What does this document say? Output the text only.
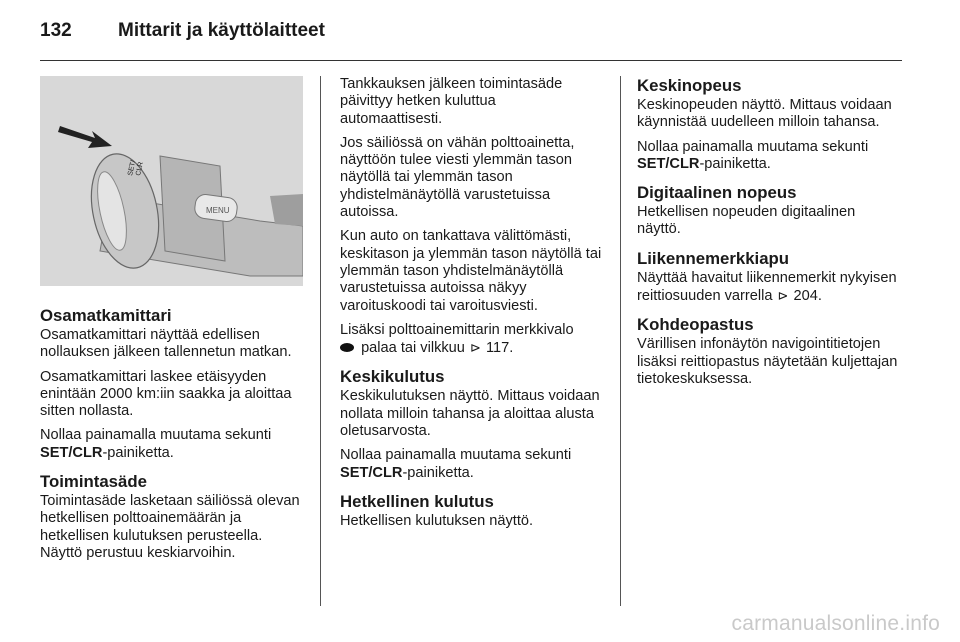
132 Mittarit ja käyttölaitteet
MENU
SET/
CLR
Osamatkamittari

Osamatkamittari näyttää edellisen nollauksen jälkeen tallennetun matkan.

Osamatkamittari laskee etäisyyden enintään 2000 km:iin saakka ja aloittaa sitten nollasta.

Nollaa painamalla muutama sekunti
SET/CLR-painiketta.

Toimintasäde

Toimintasäde lasketaan säiliössä olevan hetkellisen polttoainemäärän ja hetkellisen kulutuksen perusteella. Näyttö perustuu keskiarvoihin.

Tankkauksen jälkeen toimintasäde päivittyy hetken kuluttua automaattisesti.

Jos säiliössä on vähän polttoainetta, näyttöön tulee viesti ylemmän tason näytöllä tai ylemmän tason yhdistelmänäytöllä varustetuissa autoissa.

Kun auto on tankattava välittömästi, keskitason ja ylemmän tason näytöllä tai ylemmän tason yhdistelmänäytöllä varustetuissa autoissa näkyy varoituskoodi tai varoitusviesti.

Lisäksi polttoainemittarin merkkivalo
palaa tai vilkkuu ⊳ 117.

Keskikulutus

Keskikulutuksen näyttö. Mittaus voidaan nollata milloin tahansa ja aloittaa alusta oletusarvosta.

Nollaa painamalla muutama sekunti
SET/CLR-painiketta.

Hetkellinen kulutus

Hetkellisen kulutuksen näyttö.

Keskinopeus

Keskinopeuden näyttö. Mittaus voidaan käynnistää uudelleen milloin tahansa.

Nollaa painamalla muutama sekunti
SET/CLR-painiketta.

Digitaalinen nopeus

Hetkellisen nopeuden digitaalinen näyttö.

Liikennemerkkiapu

Näyttää havaitut liikennemerkit nykyisen reittiosuuden varrella ⊳ 204.

Kohdeopastus

Värillisen infonäytön navigointitietojen lisäksi reittiopastus näytetään kuljettajan tietokeskuksessa.

carmanualsonline.info
